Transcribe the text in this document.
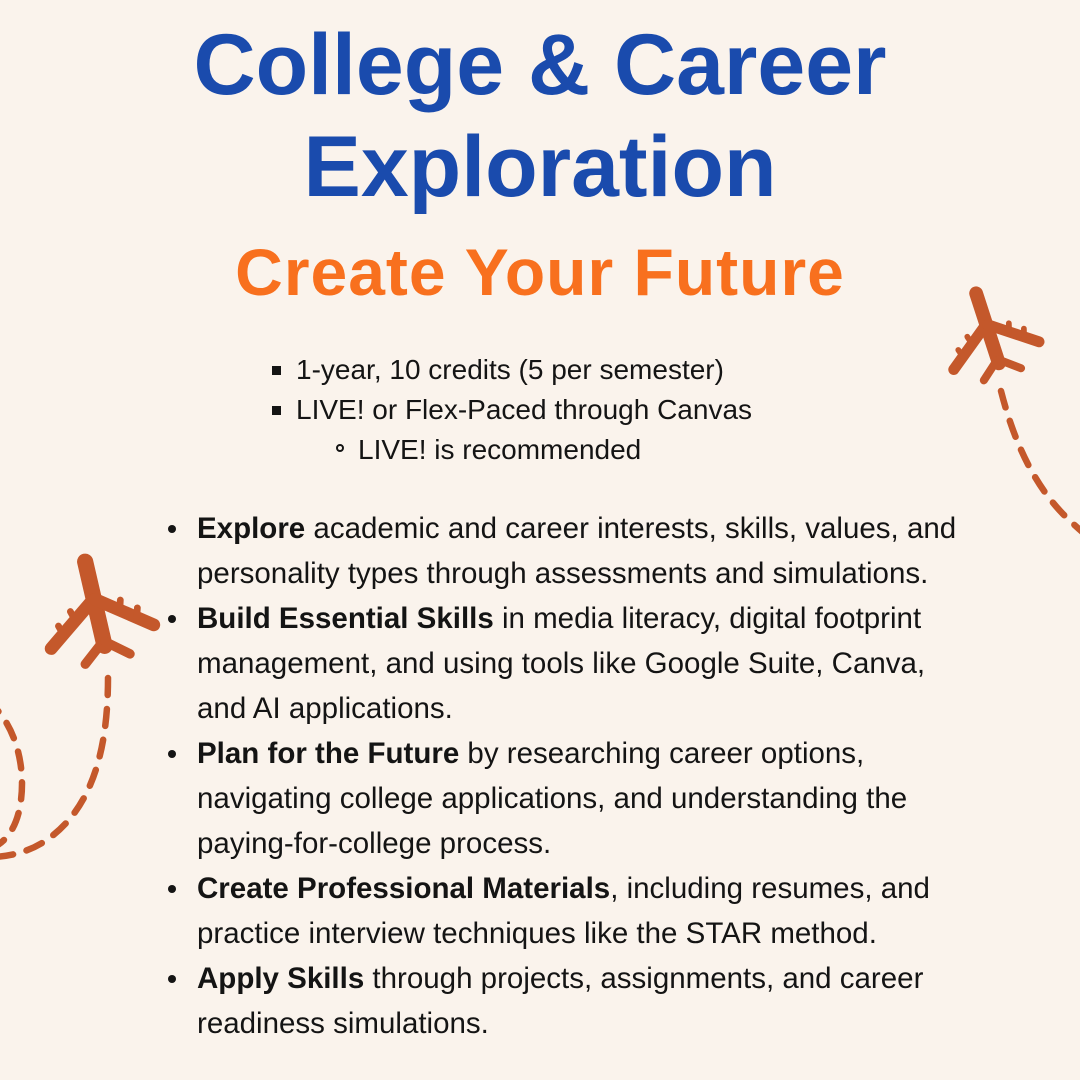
College & Career Exploration
Create Your Future
1-year, 10 credits (5 per semester)
LIVE! or Flex-Paced through Canvas
LIVE! is recommended
Explore academic and career interests, skills, values, and personality types through assessments and simulations.
Build Essential Skills in media literacy, digital footprint management, and using tools like Google Suite, Canva, and AI applications.
Plan for the Future by researching career options, navigating college applications, and understanding the paying-for-college process.
Create Professional Materials, including resumes, and practice interview techniques like the STAR method.
Apply Skills through projects, assignments, and career readiness simulations.
